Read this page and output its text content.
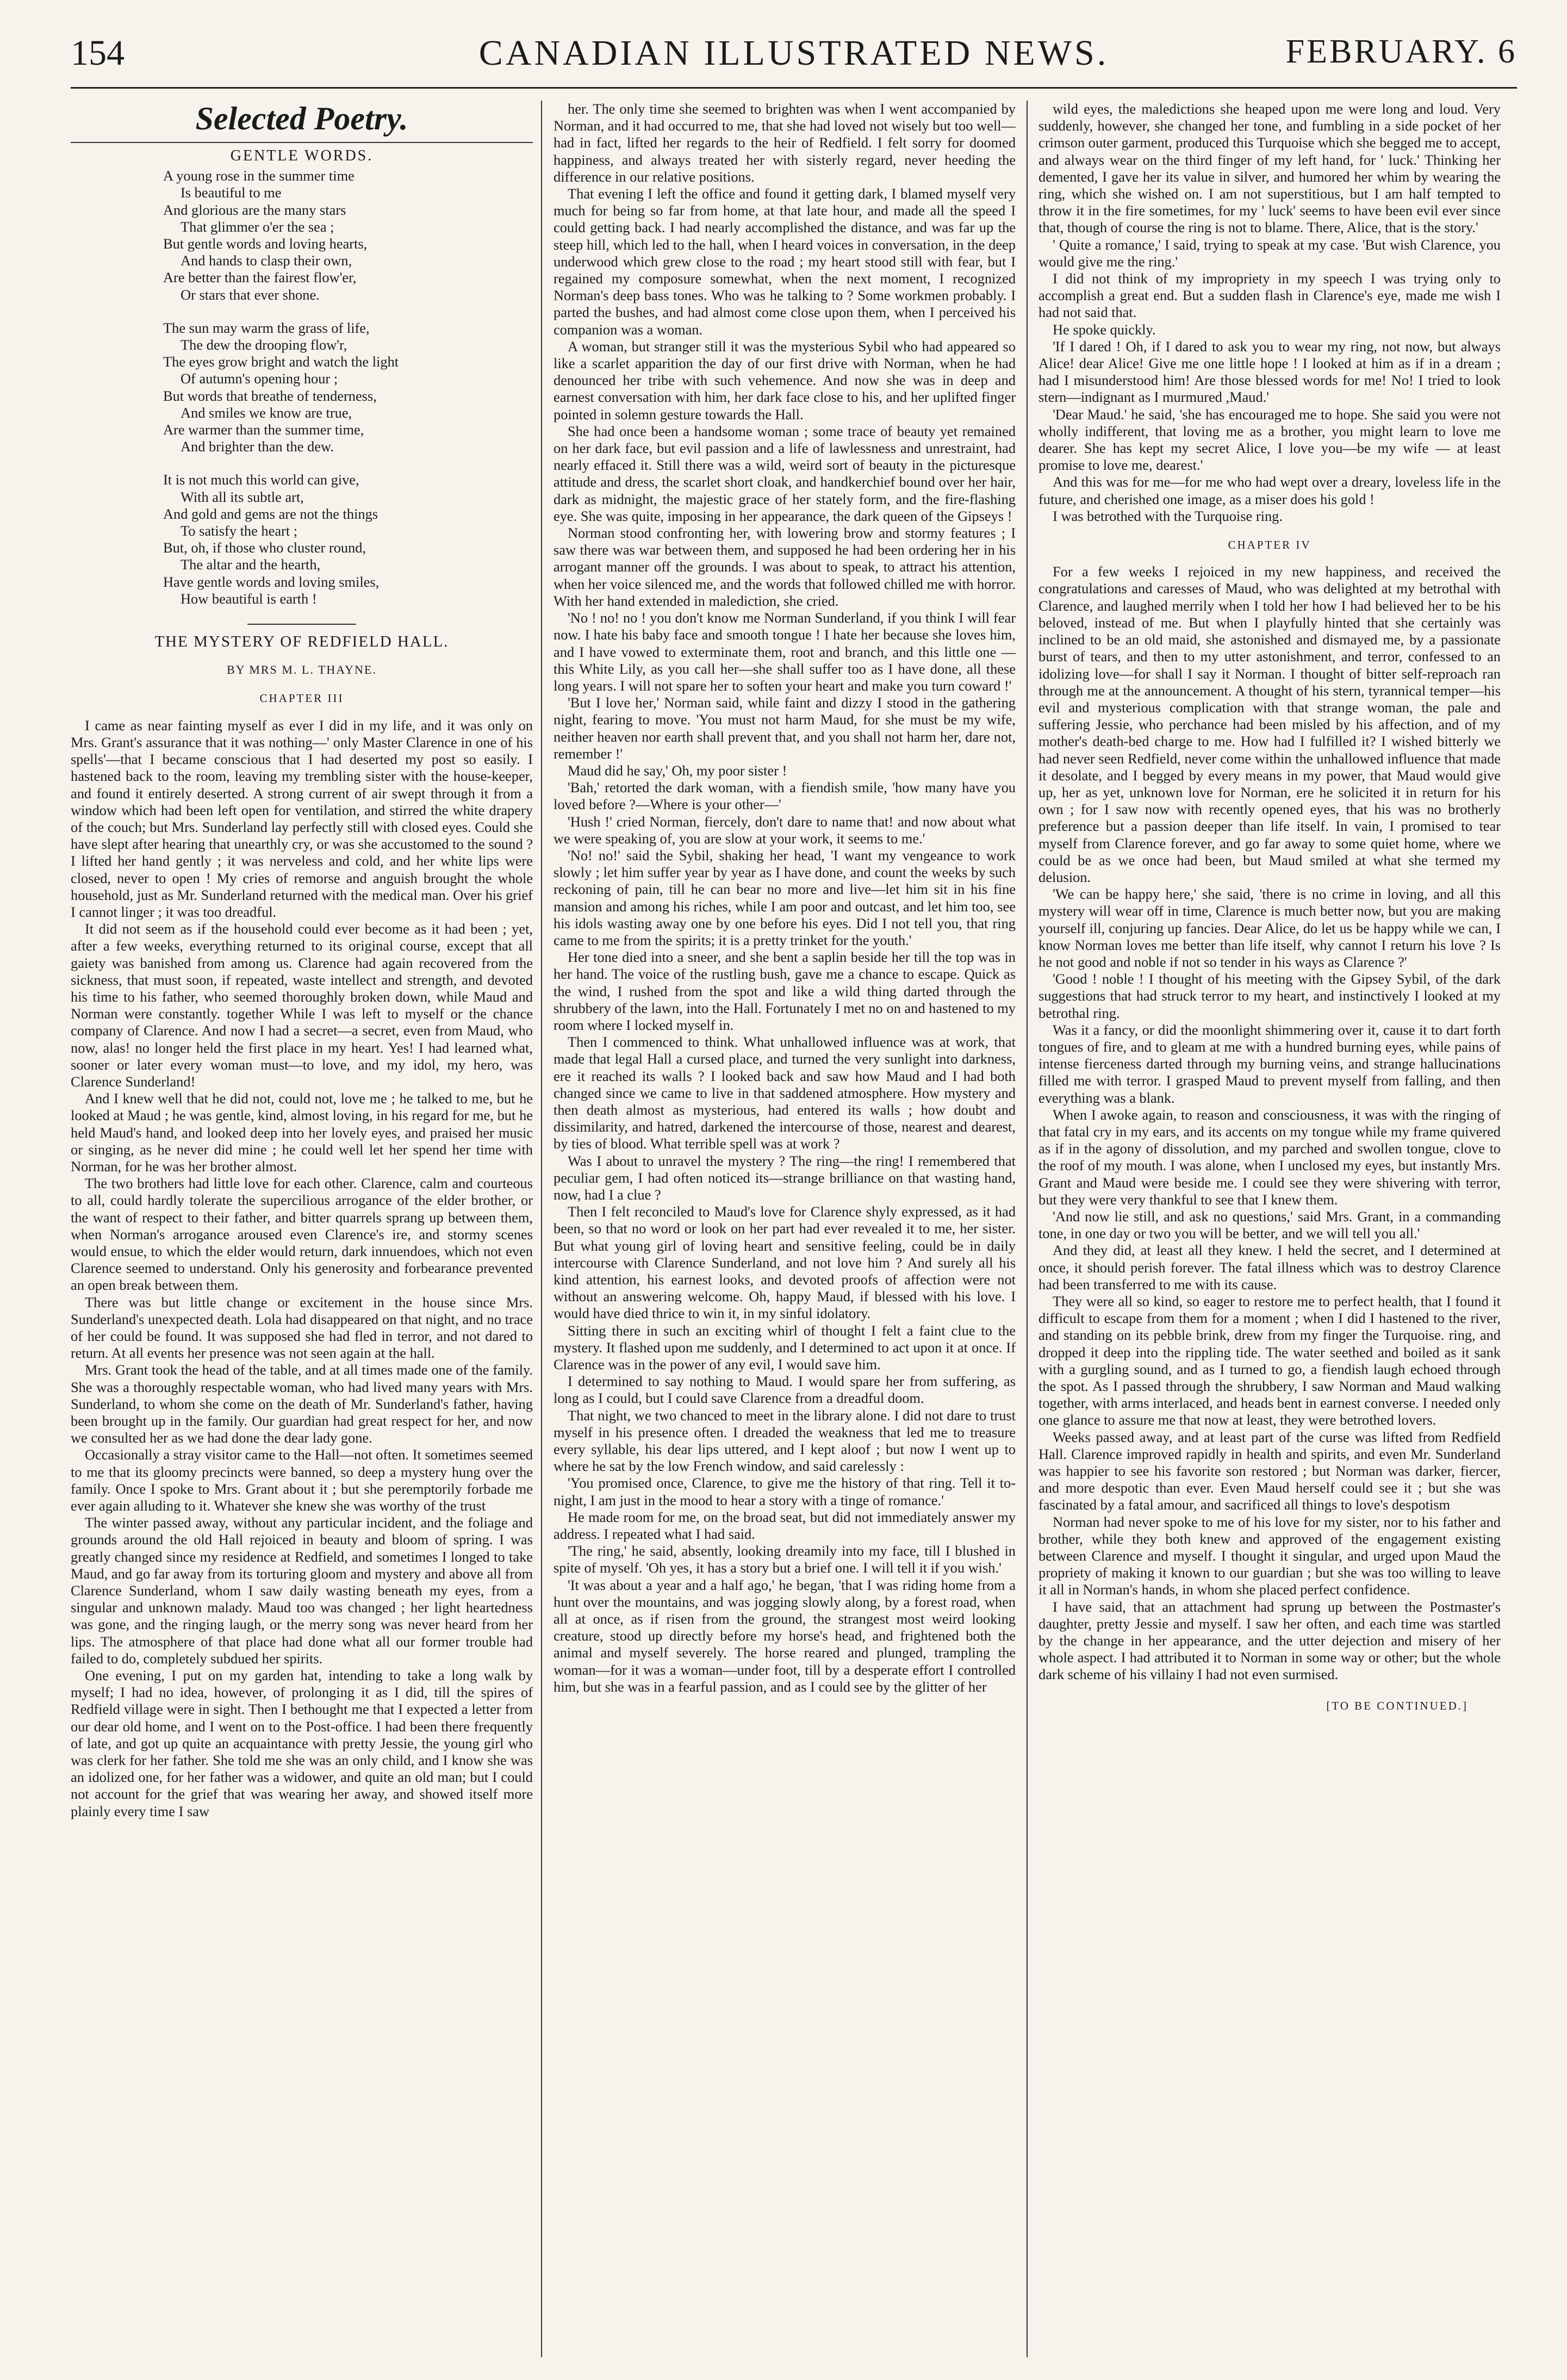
154	CANADIAN ILLUSTRATED NEWS.	FEBRUARY. 6
Selected Poetry.
GENTLE WORDS.
A young rose in the summer time
Is beautiful to me
And glorious are the many stars
That glimmer o'er the sea ;
But gentle words and loving hearts,
And hands to clasp their own,
Are better than the fairest flow'er,
Or stars that ever shone.
The sun may warm the grass of life,
The dew the drooping flow'r,
The eyes grow bright and watch the light
Of autumn's opening hour ;
But words that breathe of tenderness,
And smiles we know are true,
Are warmer than the summer time,
And brighter than the dew.
It is not much this world can give,
With all its subtle art,
And gold and gems are not the things
To satisfy the heart ;
But, oh, if those who cluster round,
The altar and the hearth,
Have gentle words and loving smiles,
How beautiful is earth !
THE MYSTERY OF REDFIELD HALL.
BY MRS M. L. THAYNE.
CHAPTER III

I came as near fainting myself as ever I did in my life, and it was only on Mrs. Grant's assurance that it was nothing—' only Master Clarence in one of his spells'—that I became conscious that I had deserted my post so easily. I hastened back to the room, leaving my trembling sister with the house-keeper, and found it entirely deserted. A strong current of air swept through it from a window which had been left open for ventilation, and stirred the white drapery of the couch; but Mrs. Sunderland lay perfectly still with closed eyes. Could she have slept after hearing that unearthly cry, or was she accustomed to the sound ? I lifted her hand gently ; it was nerveless and cold, and her white lips were closed, never to open ! My cries of remorse and anguish brought the whole household, just as Mr. Sunderland returned with the medical man. Over his grief I cannot linger ; it was too dreadful.

It did not seem as if the household could ever become as it had been ; yet, after a few weeks, everything returned to its original course, except that all gaiety was banished from among us. Clarence had again recovered from the sickness, that must soon, if repeated, waste intellect and strength, and devoted his time to his father, who seemed thoroughly broken down, while Maud and Norman were constantly. together While I was left to myself or the chance company of Clarence. And now I had a secret—a secret, even from Maud, who now, alas! no longer held the first place in my heart. Yes! I had learned what, sooner or later every woman must—to love, and my idol, my hero, was Clarence Sunderland!

And I knew well that he did not, could not, love me ; he talked to me, but he looked at Maud ; he was gentle, kind, almost loving, in his regard for me, but he held Maud's hand, and looked deep into her lovely eyes, and praised her music or singing, as he never did mine ; he could well let her spend her time with Norman, for he was her brother almost.

The two brothers had little love for each other. Clarence, calm and courteous to all, could hardly tolerate the supercilious arrogance of the elder brother, or the want of respect to their father, and bitter quarrels sprang up between them, when Norman's arrogance aroused even Clarence's ire, and stormy scenes would ensue, to which the elder would return, dark innuendoes, which not even Clarence seemed to understand. Only his generosity and forbearance prevented an open break between them.

There was but little change or excitement in the house since Mrs. Sunderland's unexpected death. Lola had disappeared on that night, and no trace of her could be found. It was supposed she had fled in terror, and not dared to return. At all events her presence was not seen again at the hall.

Mrs. Grant took the head of the table, and at all times made one of the family. She was a thoroughly respectable woman, who had lived many years with Mrs. Sunderland, to whom she come on the death of Mr. Sunderland's father, having been brought up in the family. Our guardian had great respect for her, and now we consulted her as we had done the dear lady gone.

Occasionally a stray visitor came to the Hall—not often. It sometimes seemed to me that its gloomy precincts were banned, so deep a mystery hung over the family. Once I spoke to Mrs. Grant about it ; but she peremptorily forbade me ever again alluding to it. Whatever she knew she was worthy of the trust

The winter passed away, without any particular incident, and the foliage and grounds around the old Hall rejoiced in beauty and bloom of spring. I was greatly changed since my residence at Redfield, and sometimes I longed to take Maud, and go far away from its torturing gloom and mystery and above all from Clarence Sunderland, whom I saw daily wasting beneath my eyes, from a singular and unknown malady. Maud too was changed ; her light heartedness was gone, and the ringing laugh, or the merry song was never heard from her lips. The atmosphere of that place had done what all our former trouble had failed to do, completely subdued her spirits.

One evening, I put on my garden hat, intending to take a long walk by myself; I had no idea, however, of prolonging it as I did, till the spires of Redfield village were in sight. Then I bethought me that I expected a letter from our dear old home, and I went on to the Post-office. I had been there frequently of late, and got up quite an acquaintance with pretty Jessie, the young girl who was clerk for her father. She told me she was an only child, and I know she was an idolized one, for her father was a widower, and quite an old man; but I could not account for the grief that was wearing her away, and showed itself more plainly every time I saw

her. The only time she seemed to brighten was when I went accompanied by Norman, and it had occurred to me, that she had loved not wisely but too well—had in fact, lifted her regards to the heir of Redfield. I felt sorry for doomed happiness, and always treated her with sisterly regard, never heeding the difference in our relative positions.

That evening I left the office and found it getting dark, I blamed myself very much for being so far from home, at that late hour, and made all the speed I could getting back. I had nearly accomplished the distance, and was far up the steep hill, which led to the hall, when I heard voices in conversation, in the deep underwood which grew close to the road ; my heart stood still with fear, but I regained my composure somewhat, when the next moment, I recognized Norman's deep bass tones. Who was he talking to ? Some workmen probably. I parted the bushes, and had almost come close upon them, when I perceived his companion was a woman.

A woman, but stranger still it was the mysterious Sybil who had appeared so like a scarlet apparition the day of our first drive with Norman, when he had denounced her tribe with such vehemence. And now she was in deep and earnest conversation with him, her dark face close to his, and her uplifted finger pointed in solemn gesture towards the Hall.

She had once been a handsome woman ; some trace of beauty yet remained on her dark face, but evil passion and a life of lawlessness and unrestraint, had nearly effaced it. Still there was a wild, weird sort of beauty in the picturesque attitude and dress, the scarlet short cloak, and handkerchief bound over her hair, dark as midnight, the majestic grace of her stately form, and the fire-flashing eye. She was quite, imposing in her appearance, the dark queen of the Gipseys !

Norman stood confronting her, with lowering brow and stormy features ; I saw there was war between them, and supposed he had been ordering her in his arrogant manner off the grounds. I was about to speak, to attract his attention, when her voice silenced me, and the words that followed chilled me with horror. With her hand extended in malediction, she cried.

'No ! no! no ! you don't know me Norman Sunderland, if you think I will fear now. I hate his baby face and smooth tongue ! I hate her because she loves him, and I have vowed to exterminate them, root and branch, and this little one —this White Lily, as you call her—she shall suffer too as I have done, all these long years. I will not spare her to soften your heart and make you turn coward !'

'But I love her,' Norman said, while faint and dizzy I stood in the gathering night, fearing to move. 'You must not harm Maud, for she must be my wife, neither heaven nor earth shall prevent that, and you shall not harm her, dare not, remember !'

Maud did he say,' Oh, my poor sister !

'Bah,' retorted the dark woman, with a fiendish smile, 'how many have you loved before ?—Where is your other—'

'Hush !' cried Norman, fiercely, don't dare to name that! and now about what we were speaking of, you are slow at your work, it seems to me.'

'No! no!' said the Sybil, shaking her head, 'I want my vengeance to work slowly ; let him suffer year by year as I have done, and count the weeks by such reckoning of pain, till he can bear no more and live—let him sit in his fine mansion and among his riches, while I am poor and outcast, and let him too, see his idols wasting away one by one before his eyes. Did I not tell you, that ring came to me from the spirits; it is a pretty trinket for the youth.'

Her tone died into a sneer, and she bent a saplin beside her till the top was in her hand. The voice of the rustling bush, gave me a chance to escape. Quick as the wind, I rushed from the spot and like a wild thing darted through the shrubbery of the lawn, into the Hall. Fortunately I met no on and hastened to my room where I locked myself in.

Then I commenced to think. What unhallowed influence was at work, that made that legal Hall a cursed place, and turned the very sunlight into darkness, ere it reached its walls ? I looked back and saw how Maud and I had both changed since we came to live in that saddened atmosphere. How mystery and then death almost as mysterious, had entered its walls ; how doubt and dissimilarity, and hatred, darkened the intercourse of those, nearest and dearest, by ties of blood. What terrible spell was at work ?

Was I about to unravel the mystery ? The ring—the ring! I remembered that peculiar gem, I had often noticed its—strange brilliance on that wasting hand, now, had I a clue ?

Then I felt reconciled to Maud's love for Clarence shyly expressed, as it had been, so that no word or look on her part had ever revealed it to me, her sister. But what young girl of loving heart and sensitive feeling, could be in daily intercourse with Clarence Sunderland, and not love him ? And surely all his kind attention, his earnest looks, and devoted proofs of affection were not without an answering welcome. Oh, happy Maud, if blessed with his love. I would have died thrice to win it, in my sinful idolatory.

Sitting there in such an exciting whirl of thought I felt a faint clue to the mystery. It flashed upon me suddenly, and I determined to act upon it at once. If Clarence was in the power of any evil, I would save him.

I determined to say nothing to Maud. I would spare her from suffering, as long as I could, but I could save Clarence from a dreadful doom.

That night, we two chanced to meet in the library alone. I did not dare to trust myself in his presence often. I dreaded the weakness that led me to treasure every syllable, his dear lips uttered, and I kept aloof ; but now I went up to where he sat by the low French window, and said carelessly :

'You promised once, Clarence, to give me the history of that ring. Tell it to-night, I am just in the mood to hear a story with a tinge of romance.'

He made room for me, on the broad seat, but did not immediately answer my address. I repeated what I had said.

'The ring,' he said, absently, looking dreamily into my face, till I blushed in spite of myself. 'Oh yes, it has a story but a brief one. I will tell it if you wish.'

'It was about a year and a half ago,' he began, 'that I was riding home from a hunt over the mountains, and was jogging slowly along, by a forest road, when all at once, as if risen from the ground, the strangest most weird looking creature, stood up directly before my horse's head, and frightened both the animal and myself severely. The horse reared and plunged, trampling the woman—for it was a woman—under foot, till by a desperate effort I controlled him, but she was in a fearful passion, and as I could see by the glitter of her

wild eyes, the maledictions she heaped upon me were long and loud. Very suddenly, however, she changed her tone, and fumbling in a side pocket of her crimson outer garment, produced this Turquoise which she begged me to accept, and always wear on the third finger of my left hand, for ' luck.' Thinking her demented, I gave her its value in silver, and humored her whim by wearing the ring, which she wished on. I am not superstitious, but I am half tempted to throw it in the fire sometimes, for my ' luck' seems to have been evil ever since that, though of course the ring is not to blame. There, Alice, that is the story.'

' Quite a romance,' I said, trying to speak at my case. 'But wish Clarence, you would give me the ring.'

I did not think of my impropriety in my speech I was trying only to accomplish a great end. But a sudden flash in Clarence's eye, made me wish I had not said that.

He spoke quickly.

'If I dared ! Oh, if I dared to ask you to wear my ring, not now, but always Alice! dear Alice! Give me one little hope ! I looked at him as if in a dream ; had I misunderstood him! Are those blessed words for me! No! I tried to look stern—indignant as I murmured ,Maud.'

'Dear Maud.' he said, 'she has encouraged me to hope. She said you were not wholly indifferent, that loving me as a brother, you might learn to love me dearer. She has kept my secret Alice, I love you—be my wife — at least promise to love me, dearest.'

And this was for me—for me who had wept over a dreary, loveless life in the future, and cherished one image, as a miser does his gold !

I was betrothed with the Turquoise ring.

CHAPTER IV

For a few weeks I rejoiced in my new happiness, and received the congratulations and caresses of Maud, who was delighted at my betrothal with Clarence, and laughed merrily when I told her how I had believed her to be his beloved, instead of me. But when I playfully hinted that she certainly was inclined to be an old maid, she astonished and dismayed me, by a passionate burst of tears, and then to my utter astonishment, and terror, confessed to an idolizing love—for shall I say it Norman. I thought of bitter self-reproach ran through me at the announcement. A thought of his stern, tyrannical temper—his evil and mysterious complication with that strange woman, the pale and suffering Jessie, who perchance had been misled by his affection, and of my mother's death-bed charge to me. How had I fulfilled it? I wished bitterly we had never seen Redfield, never come within the unhallowed influence that made it desolate, and I begged by every means in my power, that Maud would give up, her as yet, unknown love for Norman, ere he solicited it in return for his own ; for I saw now with recently opened eyes, that his was no brotherly preference but a passion deeper than life itself. In vain, I promised to tear myself from Clarence forever, and go far away to some quiet home, where we could be as we once had been, but Maud smiled at what she termed my delusion.

'We can be happy here,' she said, 'there is no crime in loving, and all this mystery will wear off in time, Clarence is much better now, but you are making yourself ill, conjuring up fancies. Dear Alice, do let us be happy while we can, I know Norman loves me better than life itself, why cannot I return his love ? Is he not good and noble if not so tender in his ways as Clarence ?'

'Good ! noble ! I thought of his meeting with the Gipsey Sybil, of the dark suggestions that had struck terror to my heart, and instinctively I looked at my betrothal ring.

Was it a fancy, or did the moonlight shimmering over it, cause it to dart forth tongues of fire, and to gleam at me with a hundred burning eyes, while pains of intense fierceness darted through my burning veins, and strange hallucinations filled me with terror. I grasped Maud to prevent myself from falling, and then everything was a blank.

When I awoke again, to reason and consciousness, it was with the ringing of that fatal cry in my ears, and its accents on my tongue while my frame quivered as if in the agony of dissolution, and my parched and swollen tongue, clove to the roof of my mouth. I was alone, when I unclosed my eyes, but instantly Mrs. Grant and Maud were beside me. I could see they were shivering with terror, but they were very thankful to see that I knew them.

'And now lie still, and ask no questions,' said Mrs. Grant, in a commanding tone, in one day or two you will be better, and we will tell you all.'

And they did, at least all they knew. I held the secret, and I determined at once, it should perish forever. The fatal illness which was to destroy Clarence had been transferred to me with its cause.

They were all so kind, so eager to restore me to perfect health, that I found it difficult to escape from them for a moment ; when I did I hastened to the river, and standing on its pebble brink, drew from my finger the Turquoise. ring, and dropped it deep into the rippling tide. The water seethed and boiled as it sank with a gurgling sound, and as I turned to go, a fiendish laugh echoed through the spot. As I passed through the shrubbery, I saw Norman and Maud walking together, with arms interlaced, and heads bent in earnest converse. I needed only one glance to assure me that now at least, they were betrothed lovers.

Weeks passed away, and at least part of the curse was lifted from Redfield Hall. Clarence improved rapidly in health and spirits, and even Mr. Sunderland was happier to see his favorite son restored ; but Norman was darker, fiercer, and more despotic than ever. Even Maud herself could see it ; but she was fascinated by a fatal amour, and sacrificed all things to love's despotism

Norman had never spoke to me of his love for my sister, nor to his father and brother, while they both knew and approved of the engagement existing between Clarence and myself. I thought it singular, and urged upon Maud the propriety of making it known to our guardian ; but she was too willing to leave it all in Norman's hands, in whom she placed perfect confidence.

I have said, that an attachment had sprung up between the Postmaster's daughter, pretty Jessie and myself. I saw her often, and each time was startled by the change in her appearance, and the utter dejection and misery of her whole aspect. I had attributed it to Norman in some way or other; but the whole dark scheme of his villainy I had not even surmised.

[TO BE CONTINUED.]
